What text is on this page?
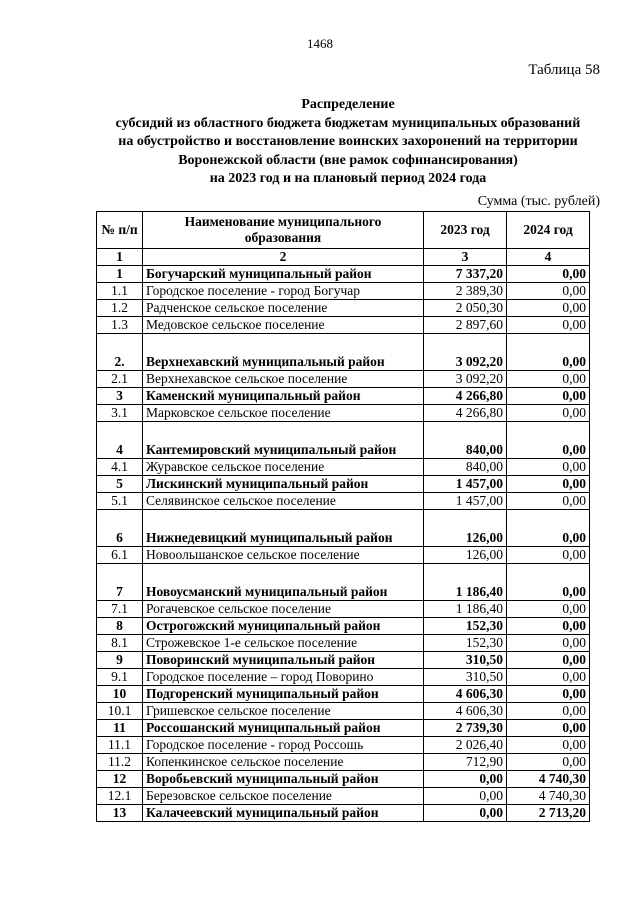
1468
Таблица 58
Распределение
субсидий из областного бюджета бюджетам муниципальных образований
на обустройство и восстановление воинских захоронений на территории
Воронежской области (вне рамок софинансирования)
на 2023 год и на плановый период 2024 года
Сумма (тыс. рублей)
№ п/п	Наименование муниципального образования	2023 год	2024 год
1	2	3	4
1	Богучарский муниципальный район	7 337,20	0,00
1.1	Городское поселение - город Богучар	2 389,30	0,00
1.2	Радченское сельское поселение	2 050,30	0,00
1.3	Медовское сельское поселение	2 897,60	0,00
2.	Верхнехавский муниципальный район	3 092,20	0,00
2.1	Верхнехавское сельское поселение	3 092,20	0,00
3	Каменский муниципальный район	4 266,80	0,00
3.1	Марковское сельское поселение	4 266,80	0,00
4	Кантемировский муниципальный район	840,00	0,00
4.1	Журавское сельское поселение	840,00	0,00
5	Лискинский муниципальный район	1 457,00	0,00
5.1	Селявинское сельское поселение	1 457,00	0,00
6	Нижнедевицкий муниципальный район	126,00	0,00
6.1	Новоольшанское сельское поселение	126,00	0,00
7	Новоусманский муниципальный район	1 186,40	0,00
7.1	Рогачевское сельское поселение	1 186,40	0,00
8	Острогожский муниципальный район	152,30	0,00
8.1	Строжевское 1-е сельское поселение	152,30	0,00
9	Поворинский муниципальный район	310,50	0,00
9.1	Городское поселение – город Поворино	310,50	0,00
10	Подгоренский муниципальный район	4 606,30	0,00
10.1	Гришевское сельское поселение	4 606,30	0,00
11	Россошанский муниципальный район	2 739,30	0,00
11.1	Городское поселение - город Россошь	2 026,40	0,00
11.2	Копенкинское сельское поселение	712,90	0,00
12	Воробьевский муниципальный район	0,00	4 740,30
12.1	Березовское сельское поселение	0,00	4 740,30
13	Калачеевский муниципальный район	0,00	2 713,20
